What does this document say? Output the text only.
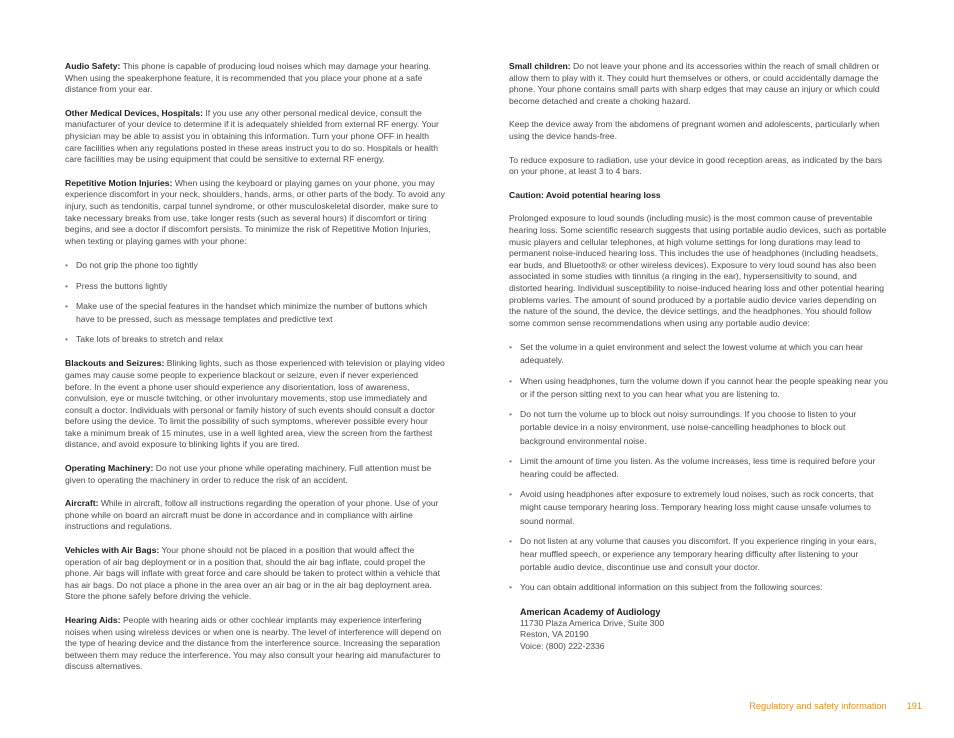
Audio Safety: This phone is capable of producing loud noises which may damage your hearing. When using the speakerphone feature, it is recommended that you place your phone at a safe distance from your ear.

Other Medical Devices, Hospitals: If you use any other personal medical device, consult the manufacturer of your device to determine if it is adequately shielded from external RF energy. Your physician may be able to assist you in obtaining this information. Turn your phone OFF in health care facilities when any regulations posted in these areas instruct you to do so. Hospitals or health care facilities may be using equipment that could be sensitive to external RF energy.

Repetitive Motion Injuries: When using the keyboard or playing games on your phone, you may experience discomfort in your neck, shoulders, hands, arms, or other parts of the body. To avoid any injury, such as tendonitis, carpal tunnel syndrome, or other musculoskeletal disorder, make sure to take necessary breaks from use, take longer rests (such as several hours) if discomfort or tiring begins, and see a doctor if discomfort persists. To minimize the risk of Repetitive Motion Injuries, when texting or playing games with your phone:

• Do not grip the phone too tightly
• Press the buttons lightly
• Make use of the special features in the handset which minimize the number of buttons which have to be pressed, such as message templates and predictive text
• Take lots of breaks to stretch and relax

Blackouts and Seizures: Blinking lights, such as those experienced with television or playing video games may cause some people to experience blackout or seizure, even if never experienced before. In the event a phone user should experience any disorientation, loss of awareness, convulsion, eye or muscle twitching, or other involuntary movements, stop use immediately and consult a doctor. Individuals with personal or family history of such events should consult a doctor before using the device. To limit the possibility of such symptoms, wherever possible every hour take a minimum break of 15 minutes, use in a well lighted area, view the screen from the farthest distance, and avoid exposure to blinking lights if you are tired.

Operating Machinery: Do not use your phone while operating machinery. Full attention must be given to operating the machinery in order to reduce the risk of an accident.

Aircraft: While in aircraft, follow all instructions regarding the operation of your phone. Use of your phone while on board an aircraft must be done in accordance and in compliance with airline instructions and regulations.

Vehicles with Air Bags: Your phone should not be placed in a position that would affect the operation of air bag deployment or in a position that, should the air bag inflate, could propel the phone. Air bags will inflate with great force and care should be taken to protect within a vehicle that has air bags. Do not place a phone in the area over an air bag or in the air bag deployment area. Store the phone safely before driving the vehicle.

Hearing Aids: People with hearing aids or other cochlear implants may experience interfering noises when using wireless devices or when one is nearby. The level of interference will depend on the type of hearing device and the distance from the interference source. Increasing the separation between them may reduce the interference. You may also consult your hearing aid manufacturer to discuss alternatives.

Small children: Do not leave your phone and its accessories within the reach of small children or allow them to play with it. They could hurt themselves or others, or could accidentally damage the phone. Your phone contains small parts with sharp edges that may cause an injury or which could become detached and create a choking hazard.

Keep the device away from the abdomens of pregnant women and adolescents, particularly when using the device hands-free.

To reduce exposure to radiation, use your device in good reception areas, as indicated by the bars on your phone, at least 3 to 4 bars.

Caution: Avoid potential hearing loss

Prolonged exposure to loud sounds (including music) is the most common cause of preventable hearing loss. Some scientific research suggests that using portable audio devices, such as portable music players and cellular telephones, at high volume settings for long durations may lead to permanent noise-induced hearing loss. This includes the use of headphones (including headsets, ear buds, and Bluetooth® or other wireless devices). Exposure to very loud sound has also been associated in some studies with tinnitus (a ringing in the ear), hypersensitivity to sound, and distorted hearing. Individual susceptibility to noise-induced hearing loss and other potential hearing problems varies. The amount of sound produced by a portable audio device varies depending on the nature of the sound, the device, the device settings, and the headphones. You should follow some common sense recommendations when using any portable audio device:

• Set the volume in a quiet environment and select the lowest volume at which you can hear adequately.
• When using headphones, turn the volume down if you cannot hear the people speaking near you or if the person sitting next to you can hear what you are listening to.
• Do not turn the volume up to block out noisy surroundings. If you choose to listen to your portable device in a noisy environment, use noise-cancelling headphones to block out background environmental noise.
• Limit the amount of time you listen. As the volume increases, less time is required before your hearing could be affected.
• Avoid using headphones after exposure to extremely loud noises, such as rock concerts, that might cause temporary hearing loss. Temporary hearing loss might cause unsafe volumes to sound normal.
• Do not listen at any volume that causes you discomfort. If you experience ringing in your ears, hear muffled speech, or experience any temporary hearing difficulty after listening to your portable audio device, discontinue use and consult your doctor.
• You can obtain additional information on this subject from the following sources:
American Academy of Audiology
11730 Plaza America Drive, Suite 300
Reston, VA 20190
Voice: (800) 222-2336
Regulatory and safety information 191
